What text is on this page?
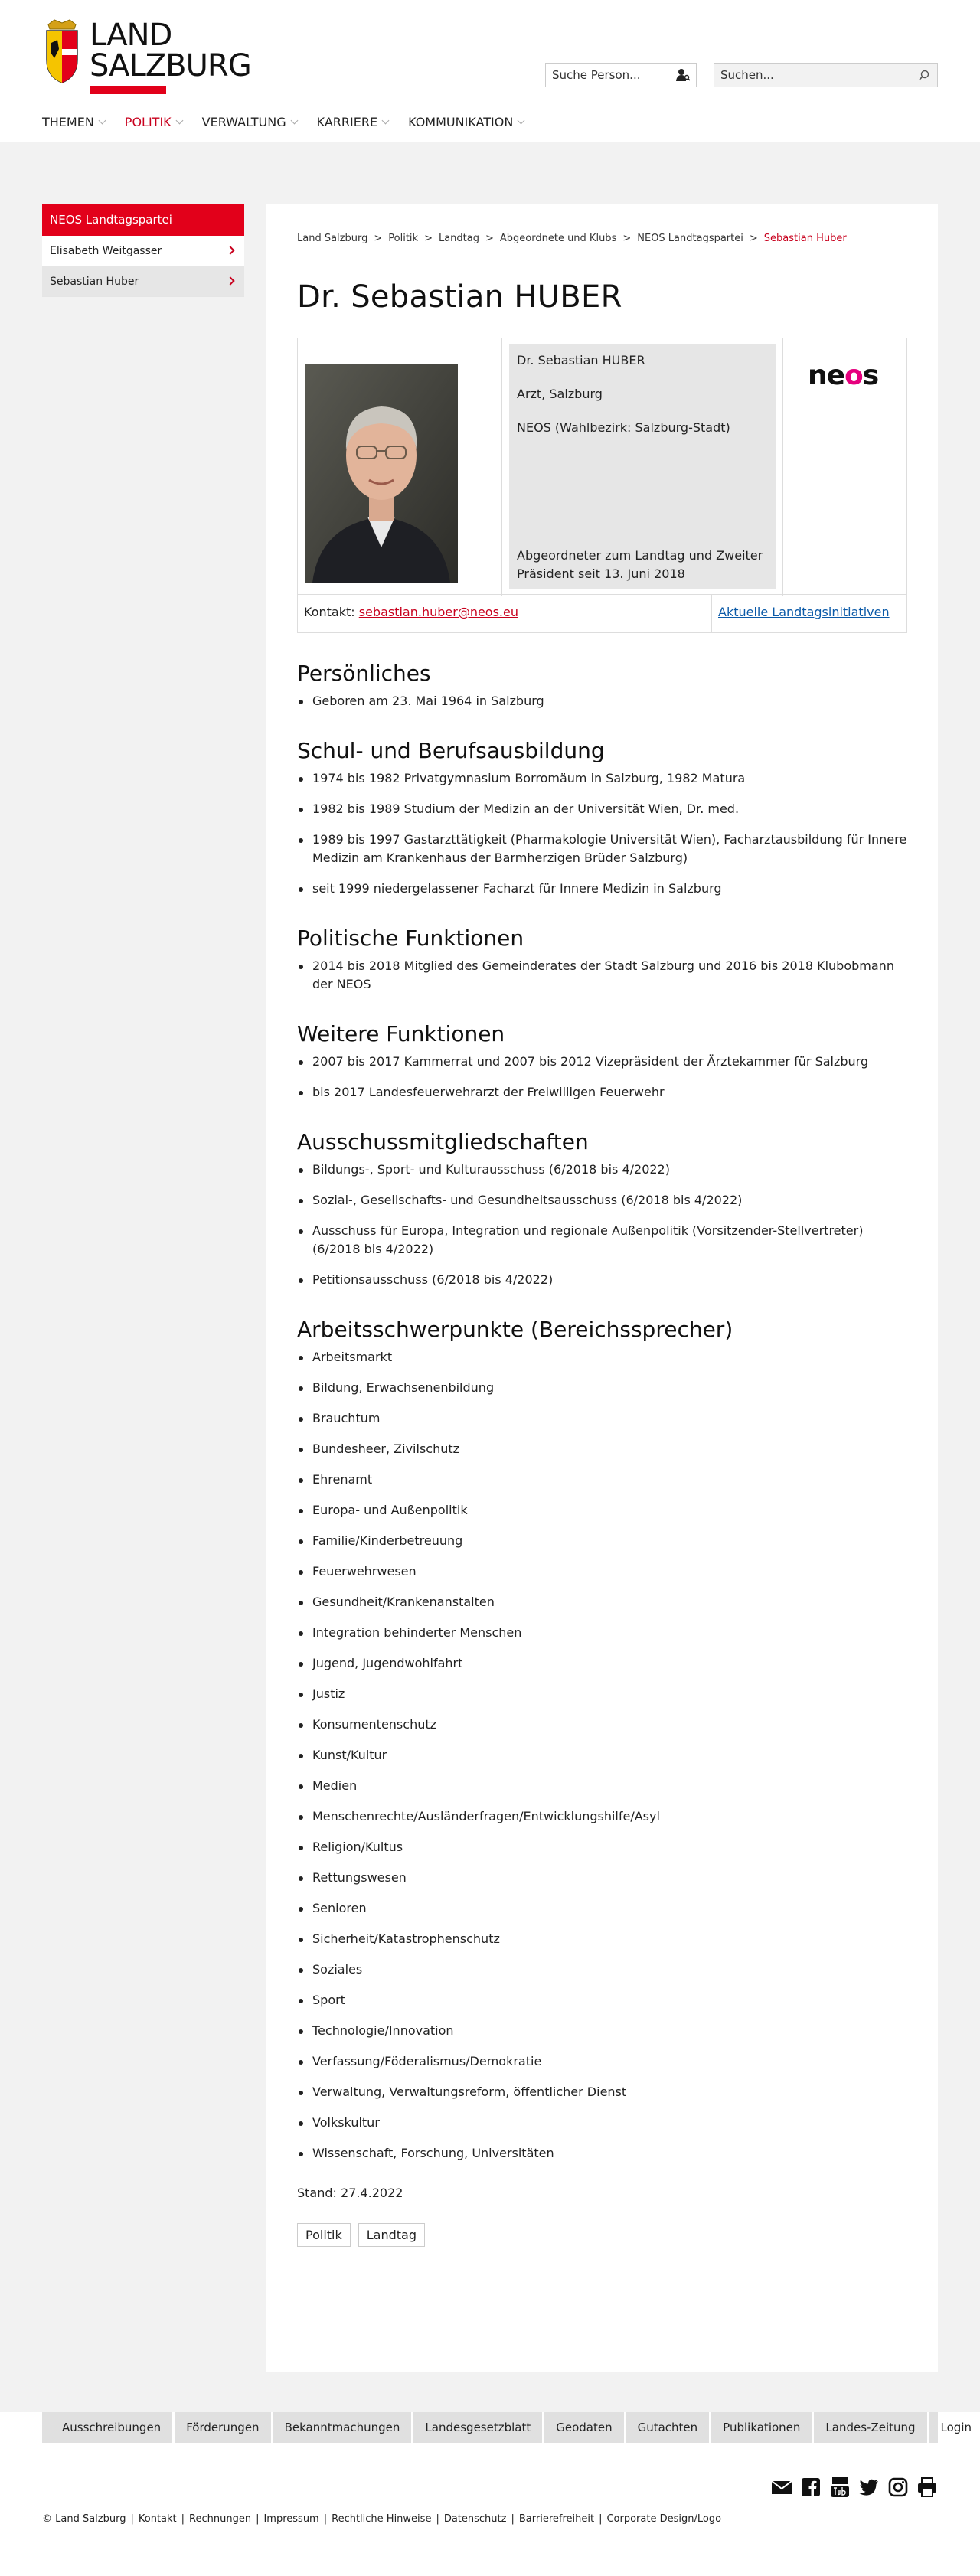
LAND
SALZBURG
Suche Person...
Suchen...
THEMEN	POLITIK	VERWALTUNG	KARRIERE	KOMMUNIKATION
NEOS Landtagspartei
Elisabeth Weitgasser
Sebastian Huber
Land Salzburg > Politik > Landtag > Abgeordnete und Klubs > NEOS Landtagspartei > Sebastian Huber
Dr. Sebastian HUBER

Dr. Sebastian HUBER

Arzt, Salzburg

NEOS (Wahlbezirk: Salzburg-Stadt)

Abgeordneter zum Landtag und Zweiter Präsident seit 13. Juni 2018

neos
Kontakt: sebastian.huber@neos.eu	Aktuelle Landtagsinitiativen
Persönliches
Geboren am 23. Mai 1964 in Salzburg
Schul- und Berufsausbildung
1974 bis 1982 Privatgymnasium Borromäum in Salzburg, 1982 Matura
1982 bis 1989 Studium der Medizin an der Universität Wien, Dr. med.
1989 bis 1997 Gastarzttätigkeit (Pharmakologie Universität Wien), Facharztausbildung für Innere Medizin am Krankenhaus der Barmherzigen Brüder Salzburg)
seit 1999 niedergelassener Facharzt für Innere Medizin in Salzburg
Politische Funktionen
2014 bis 2018 Mitglied des Gemeinderates der Stadt Salzburg und 2016 bis 2018 Klubobmann der NEOS
Weitere Funktionen
2007 bis 2017 Kammerrat und 2007 bis 2012 Vizepräsident der Ärztekammer für Salzburg
bis 2017 Landesfeuerwehrarzt der Freiwilligen Feuerwehr
Ausschussmitgliedschaften
Bildungs-, Sport- und Kulturausschuss (6/2018 bis 4/2022)
Sozial-, Gesellschafts- und Gesundheitsausschuss (6/2018 bis 4/2022)
Ausschuss für Europa, Integration und regionale Außenpolitik (Vorsitzender-Stellvertreter) (6/2018 bis 4/2022)
Petitionsausschuss (6/2018 bis 4/2022)
Arbeitsschwerpunkte (Bereichssprecher)
Arbeitsmarkt
Bildung, Erwachsenenbildung
Brauchtum
Bundesheer, Zivilschutz
Ehrenamt
Europa- und Außenpolitik
Familie/Kinderbetreuung
Feuerwehrwesen
Gesundheit/Krankenanstalten
Integration behinderter Menschen
Jugend, Jugendwohlfahrt
Justiz
Konsumentenschutz
Kunst/Kultur
Medien
Menschenrechte/Ausländerfragen/Entwicklungshilfe/Asyl
Religion/Kultus
Rettungswesen
Senioren
Sicherheit/Katastrophenschutz
Soziales
Sport
Technologie/Innovation
Verfassung/Föderalismus/Demokratie
Verwaltung, Verwaltungsreform, öffentlicher Dienst
Volkskultur
Wissenschaft, Forschung, Universitäten

Stand: 27.4.2022

Politik	Landtag
Ausschreibungen	Förderungen	Bekanntmachungen	Landesgesetzblatt	Geodaten	Gutachten	Publikationen	Landes-Zeitung	Login
© Land Salzburg | Kontakt | Rechnungen | Impressum | Rechtliche Hinweise | Datenschutz | Barrierefreiheit | Corporate Design/Logo
